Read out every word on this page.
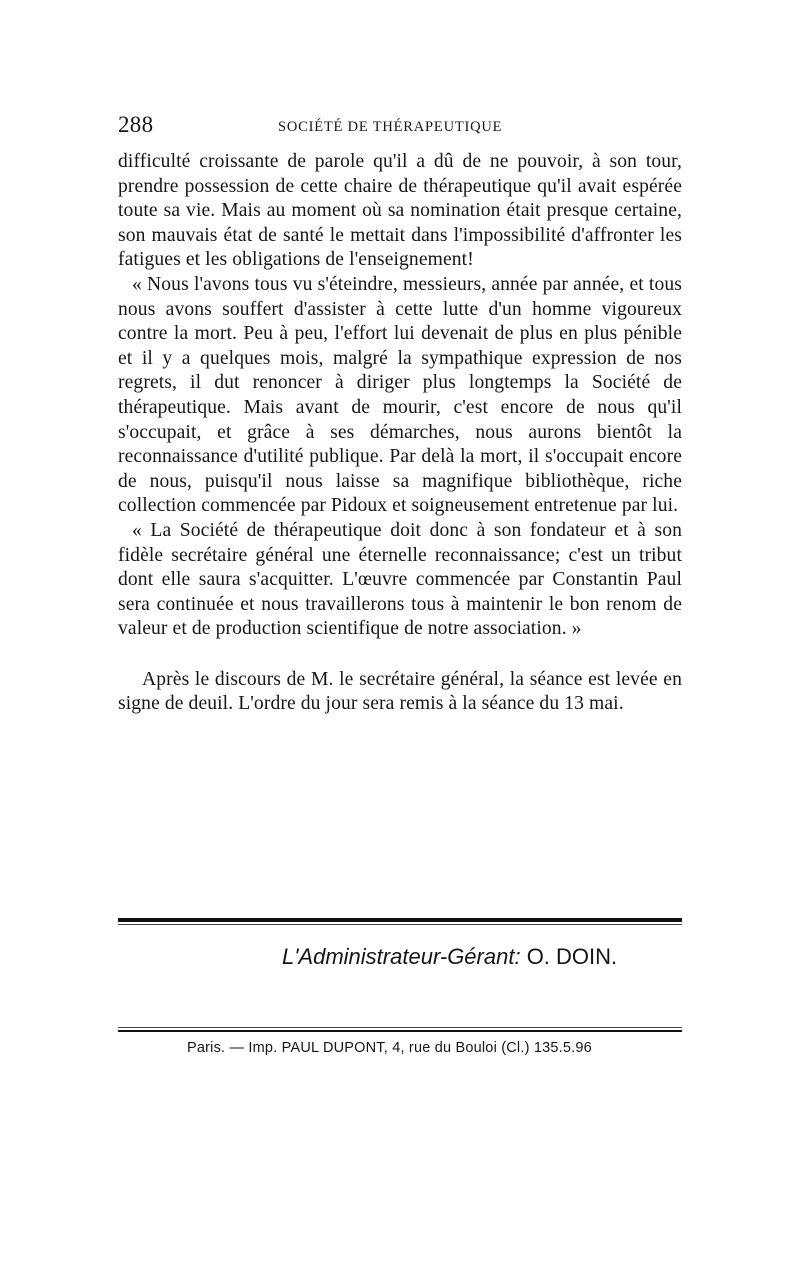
288	SOCIÉTÉ DE THÉRAPEUTIQUE

difficulté croissante de parole qu'il a dû de ne pouvoir, à son tour, prendre possession de cette chaire de thérapeutique qu'il avait espérée toute sa vie. Mais au moment où sa nomination était presque certaine, son mauvais état de santé le mettait dans l'impossibilité d'affronter les fatigues et les obligations de l'enseignement!

« Nous l'avons tous vu s'éteindre, messieurs, année par année, et tous nous avons souffert d'assister à cette lutte d'un homme vigoureux contre la mort. Peu à peu, l'effort lui devenait de plus en plus pénible et il y a quelques mois, malgré la sympathique expression de nos regrets, il dut renoncer à diriger plus longtemps la Société de thérapeutique. Mais avant de mourir, c'est encore de nous qu'il s'occupait, et grâce à ses démarches, nous aurons bientôt la reconnaissance d'utilité publique. Par delà la mort, il s'occupait encore de nous, puisqu'il nous laisse sa magnifique bibliothèque, riche collection commencée par Pidoux et soigneusement entretenue par lui.

« La Société de thérapeutique doit donc à son fondateur et à son fidèle secrétaire général une éternelle reconnaissance; c'est un tribut dont elle saura s'acquitter. L'œuvre commencée par Constantin Paul sera continuée et nous travaillerons tous à maintenir le bon renom de valeur et de production scientifique de notre association. »

Après le discours de M. le secrétaire général, la séance est levée en signe de deuil. L'ordre du jour sera remis à la séance du 13 mai.

L'Administrateur-Gérant: O. DOIN.
Paris. — Imp. PAUL DUPONT, 4, rue du Bouloi (Cl.) 135.5.96
